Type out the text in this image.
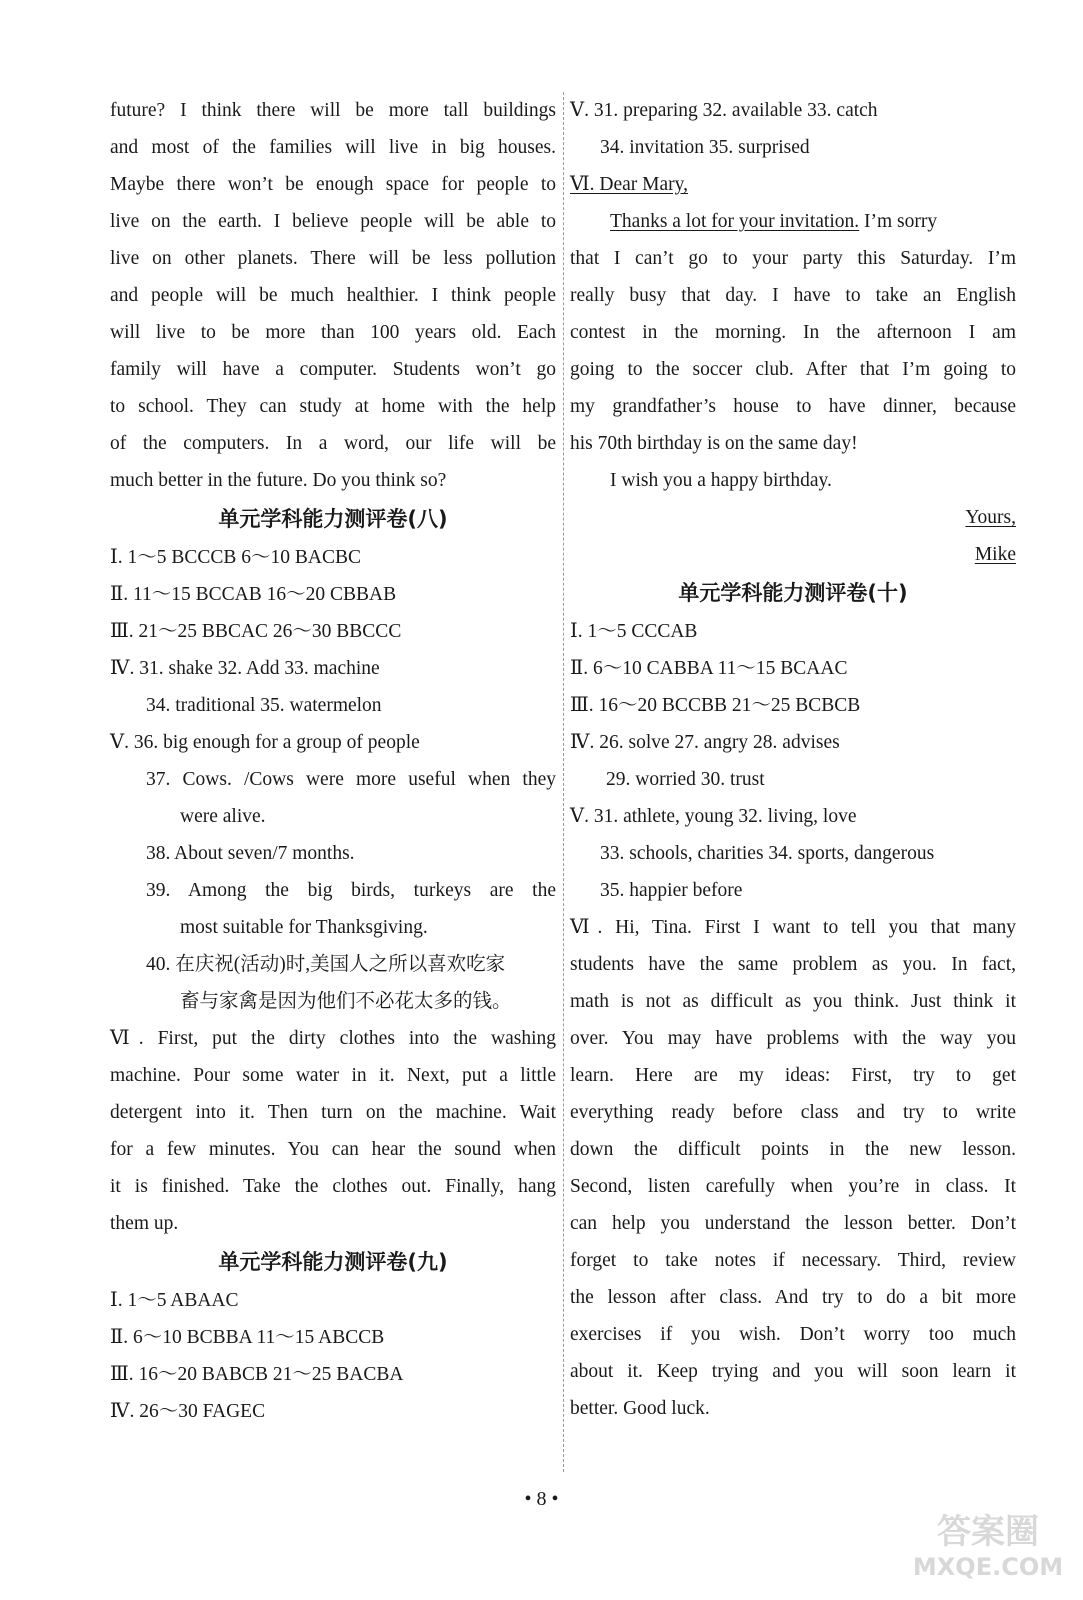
future? I think there will be more tall buildings
and most of the families will live in big houses.
Maybe there won’t be enough space for people to
live on the earth. I believe people will be able to
live on other planets. There will be less pollution
and people will be much healthier. I think people
will live to be more than 100 years old. Each
family will have a computer. Students won’t go
to school. They can study at home with the help
of the computers. In a word, our life will be
much better in the future. Do you think so?
单元学科能力测评卷(八)
Ⅰ. 1～5 BCCCB 6～10 BACBC
Ⅱ. 11～15 BCCAB 16～20 CBBAB
Ⅲ. 21～25 BBCAC 26～30 BBCCC
Ⅳ. 31. shake 32. Add 33. machine
34. traditional 35. watermelon
Ⅴ. 36. big enough for a group of people
37. Cows. /Cows were more useful when they
were alive.
38. About seven/7 months.
39. Among the big birds, turkeys are the
most suitable for Thanksgiving.
40. 在庆祝(活动)时,美国人之所以喜欢吃家
畜与家禽是因为他们不必花太多的钱。
Ⅵ. First, put the dirty clothes into the washing
machine. Pour some water in it. Next, put a little
detergent into it. Then turn on the machine. Wait
for a few minutes. You can hear the sound when
it is finished. Take the clothes out. Finally, hang
them up.
单元学科能力测评卷(九)
Ⅰ. 1～5 ABAAC
Ⅱ. 6～10 BCBBA 11～15 ABCCB
Ⅲ. 16～20 BABCB 21～25 BACBA
Ⅳ. 26～30 FAGEC
Ⅴ. 31. preparing 32. available 33. catch
34. invitation 35. surprised
Ⅵ. Dear Mary,
Thanks a lot for your invitation. I’m sorry
that I can’t go to your party this Saturday. I’m
really busy that day. I have to take an English
contest in the morning. In the afternoon I am
going to the soccer club. After that I’m going to
my grandfather’s house to have dinner, because
his 70th birthday is on the same day!
I wish you a happy birthday.
Yours,
Mike
单元学科能力测评卷(十)
Ⅰ. 1～5 CCCAB
Ⅱ. 6～10 CABBA 11～15 BCAAC
Ⅲ. 16～20 BCCBB 21～25 BCBCB
Ⅳ. 26. solve 27. angry 28. advises
29. worried 30. trust
Ⅴ. 31. athlete, young 32. living, love
33. schools, charities 34. sports, dangerous
35. happier before
Ⅵ. Hi, Tina. First I want to tell you that many
students have the same problem as you. In fact,
math is not as difficult as you think. Just think it
over. You may have problems with the way you
learn. Here are my ideas: First, try to get
everything ready before class and try to write
down the difficult points in the new lesson.
Second, listen carefully when you’re in class. It
can help you understand the lesson better. Don’t
forget to take notes if necessary. Third, review
the lesson after class. And try to do a bit more
exercises if you wish. Don’t worry too much
about it. Keep trying and you will soon learn it
better. Good luck.
• 8 •
答案圈
MXQE.COM
